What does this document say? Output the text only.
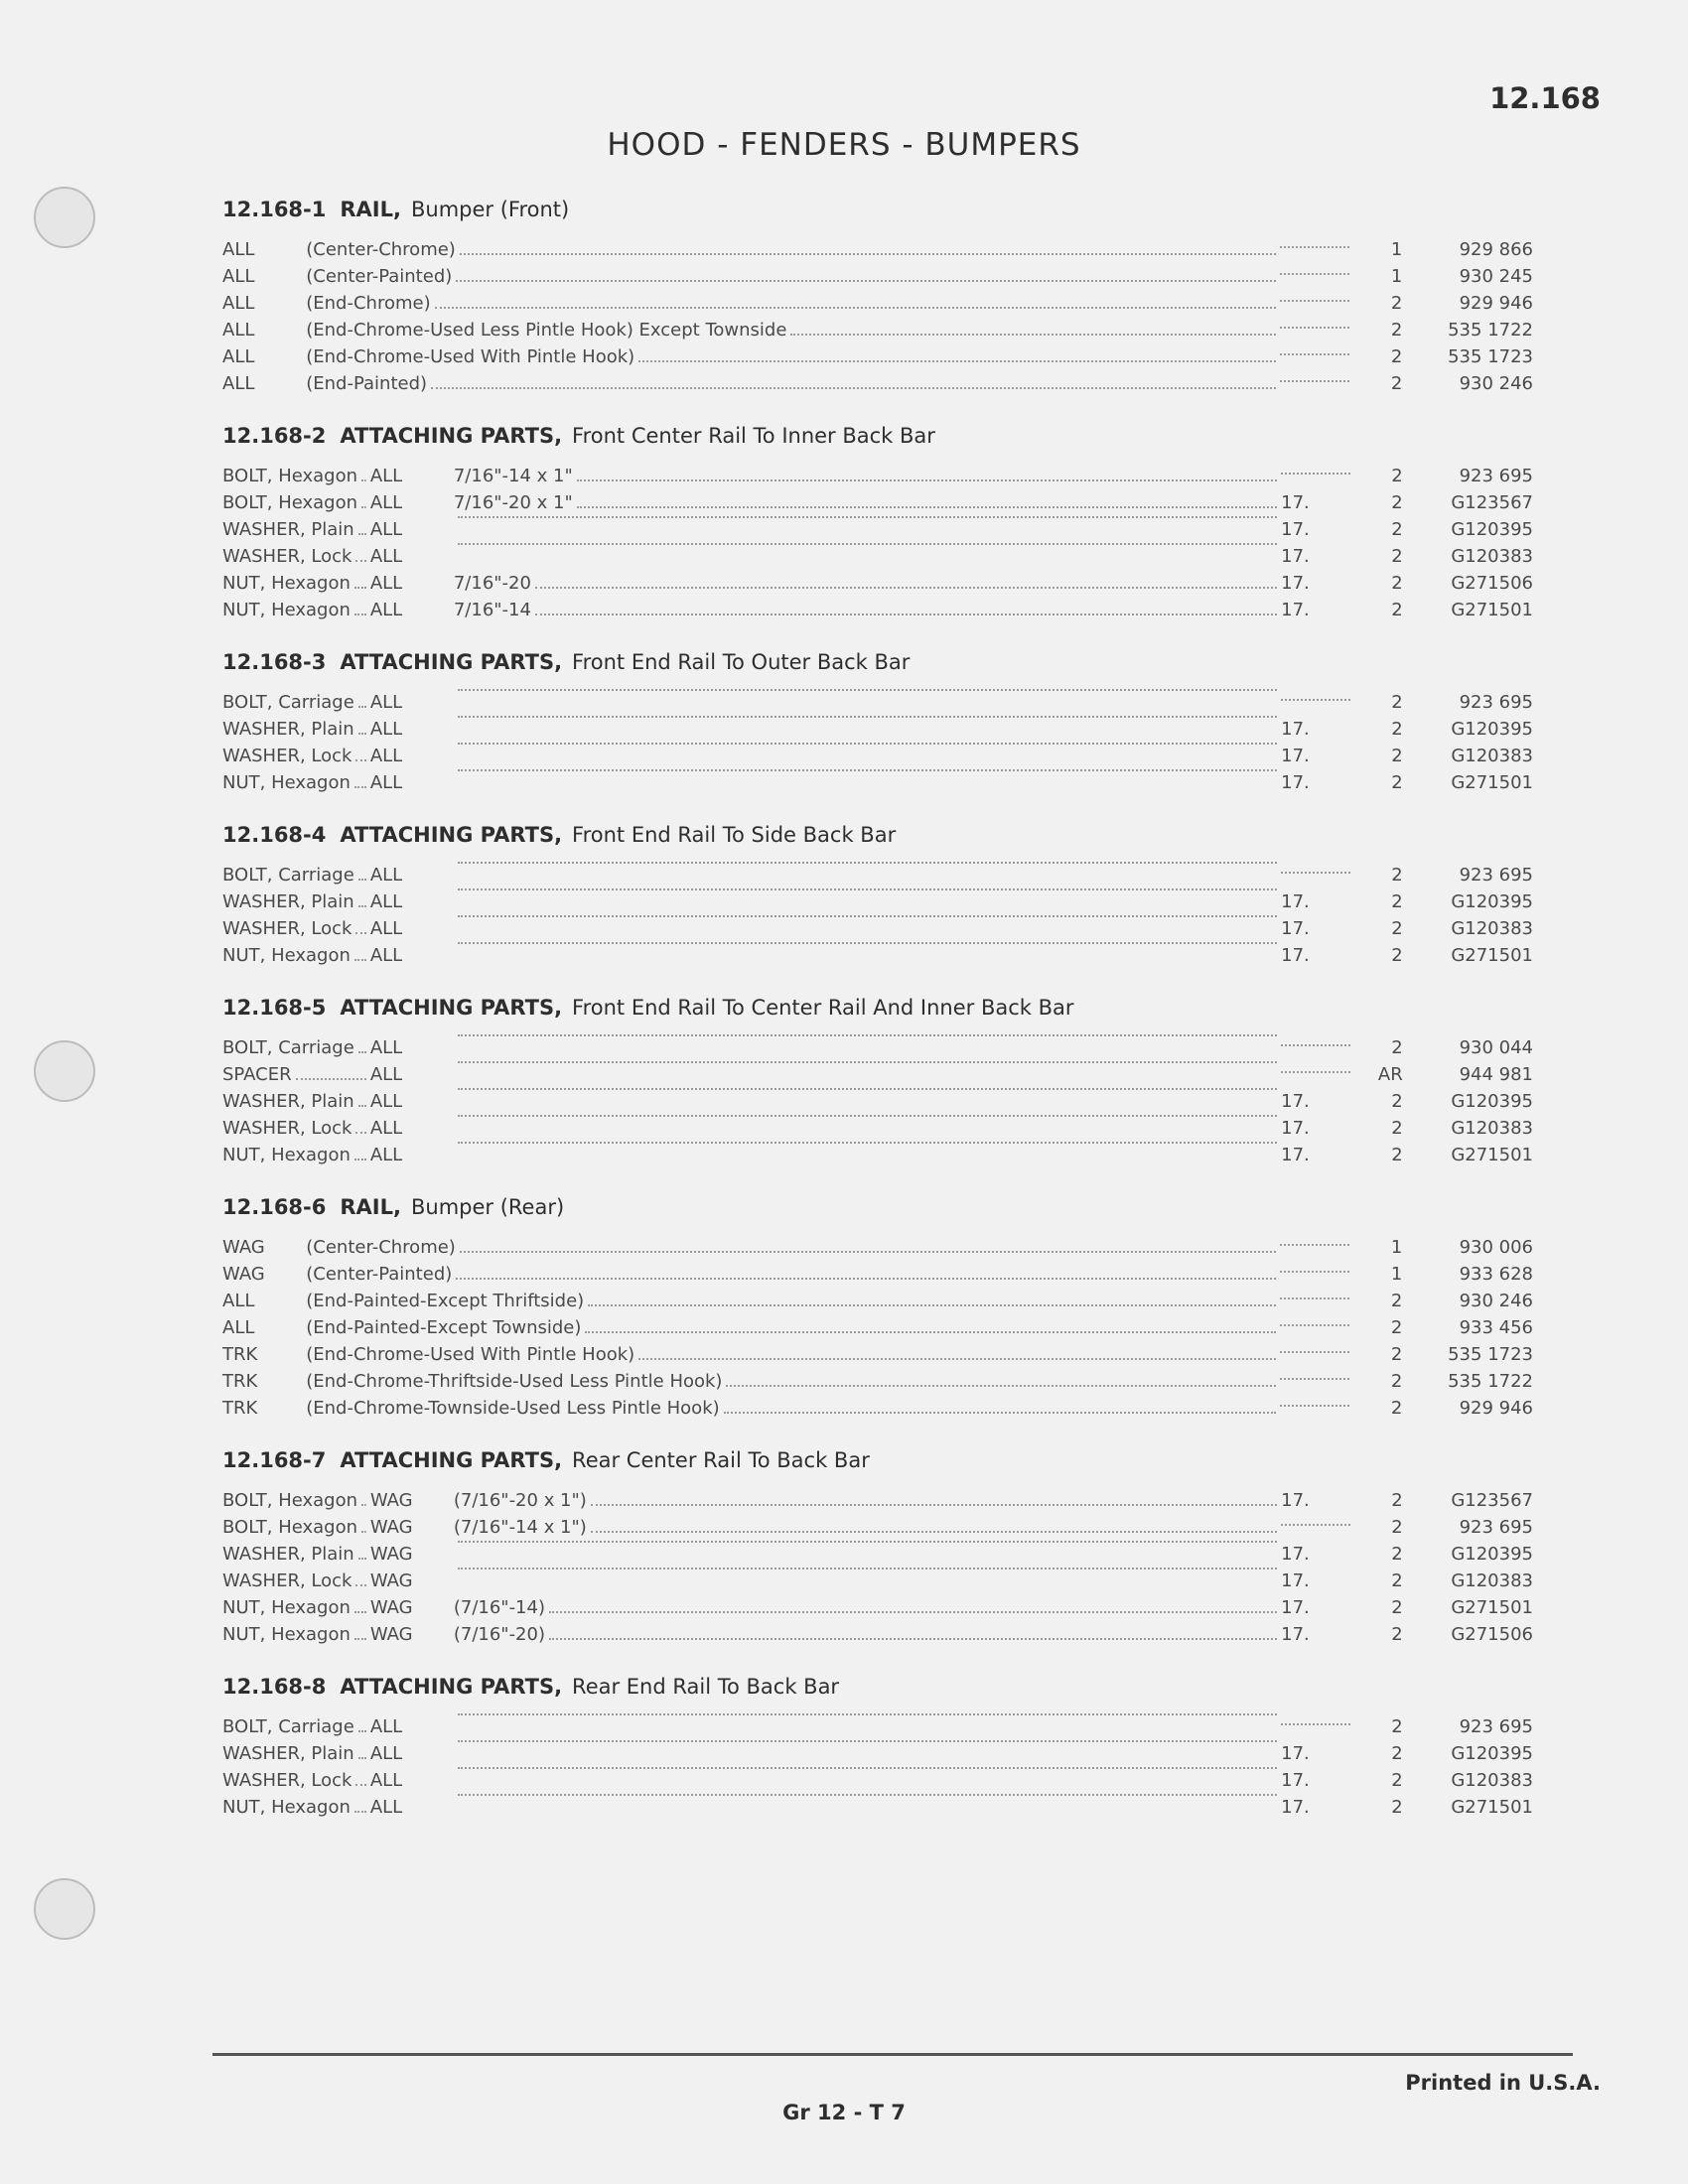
12.168
HOOD - FENDERS - BUMPERS
12.168-1 RAIL, Bumper (Front)
ALL	(Center-Chrome)	1	929 866
ALL	(Center-Painted)	1	930 245
ALL	(End-Chrome)	2	929 946
ALL	(End-Chrome-Used Less Pintle Hook) Except Townside	2	535 1722
ALL	(End-Chrome-Used With Pintle Hook)	2	535 1723
ALL	(End-Painted)	2	930 246
12.168-2 ATTACHING PARTS, Front Center Rail To Inner Back Bar
BOLT, Hexagon ALL	7/16"-14 x 1"	2	923 695
BOLT, Hexagon ALL	7/16"-20 x 1"	17.	2	G123567
WASHER, Plain ALL	17.	2	G120395
WASHER, Lock ALL	17.	2	G120383
NUT, Hexagon ALL	7/16"-20	17.	2	G271506
NUT, Hexagon ALL	7/16"-14	17.	2	G271501
12.168-3 ATTACHING PARTS, Front End Rail To Outer Back Bar
BOLT, Carriage ALL	2	923 695
WASHER, Plain ALL	17.	2	G120395
WASHER, Lock ALL	17.	2	G120383
NUT, Hexagon ALL	17.	2	G271501
12.168-4 ATTACHING PARTS, Front End Rail To Side Back Bar
BOLT, Carriage ALL	2	923 695
WASHER, Plain ALL	17.	2	G120395
WASHER, Lock ALL	17.	2	G120383
NUT, Hexagon ALL	17.	2	G271501
12.168-5 ATTACHING PARTS, Front End Rail To Center Rail And Inner Back Bar
BOLT, Carriage ALL	2	930 044
SPACER	ALL	AR	944 981
WASHER, Plain ALL	17.	2	G120395
WASHER, Lock ALL	17.	2	G120383
NUT, Hexagon ALL	17.	2	G271501
12.168-6 RAIL, Bumper (Rear)
WAG	(Center-Chrome)	1	930 006
WAG	(Center-Painted)	1	933 628
ALL	(End-Painted-Except Thriftside)	2	930 246
ALL	(End-Painted-Except Townside)	2	933 456
TRK	(End-Chrome-Used With Pintle Hook)	2	535 1723
TRK	(End-Chrome-Thriftside-Used Less Pintle Hook)	2	535 1722
TRK	(End-Chrome-Townside-Used Less Pintle Hook)	2	929 946
12.168-7 ATTACHING PARTS, Rear Center Rail To Back Bar
BOLT, Hexagon WAG	(7/16"-20 x 1")	17.	2	G123567
BOLT, Hexagon WAG	(7/16"-14 x 1")	2	923 695
WASHER, Plain WAG	17.	2	G120395
WASHER, Lock WAG	17.	2	G120383
NUT, Hexagon WAG	(7/16"-14)	17.	2	G271501
NUT, Hexagon WAG	(7/16"-20)	17.	2	G271506
12.168-8 ATTACHING PARTS, Rear End Rail To Back Bar
BOLT, Carriage ALL	2	923 695
WASHER, Plain ALL	17.	2	G120395
WASHER, Lock ALL	17.	2	G120383
NUT, Hexagon ALL	17.	2	G271501
Printed in U.S.A.
Gr 12 - T 7
